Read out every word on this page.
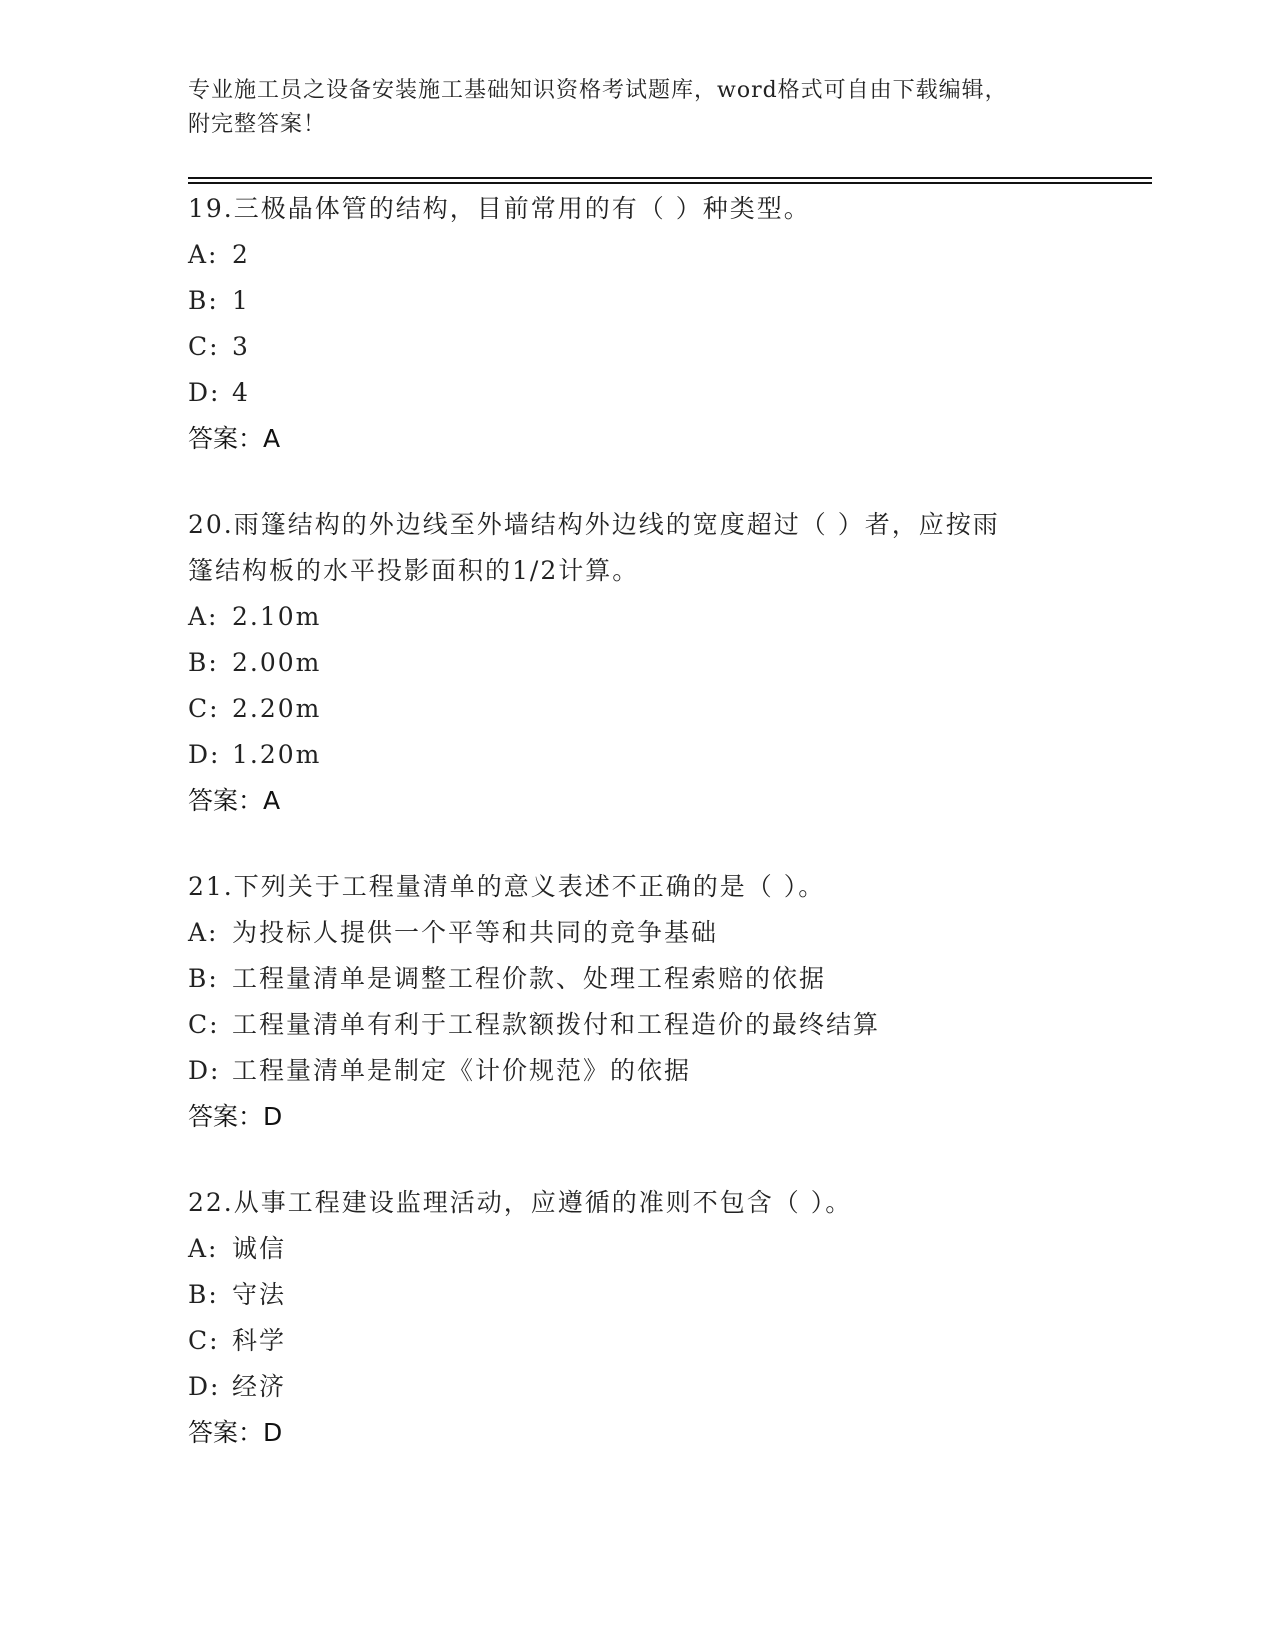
专业施工员之设备安装施工基础知识资格考试题库，word格式可自由下载编辑，
附完整答案！
19.三极晶体管的结构，目前常用的有（ ）种类型。
A: 2
B: 1
C: 3
D: 4
答案：A
20.雨篷结构的外边线至外墙结构外边线的宽度超过（ ）者，应按雨
篷结构板的水平投影面积的1/2计算。
A: 2.10m
B: 2.00m
C: 2.20m
D: 1.20m
答案：A
21.下列关于工程量清单的意义表述不正确的是（ ）。
A: 为投标人提供一个平等和共同的竞争基础
B: 工程量清单是调整工程价款、处理工程索赔的依据
C: 工程量清单有利于工程款额拨付和工程造价的最终结算
D: 工程量清单是制定《计价规范》的依据
答案：D
22.从事工程建设监理活动，应遵循的准则不包含（ ）。
A: 诚信
B: 守法
C: 科学
D: 经济
答案：D
